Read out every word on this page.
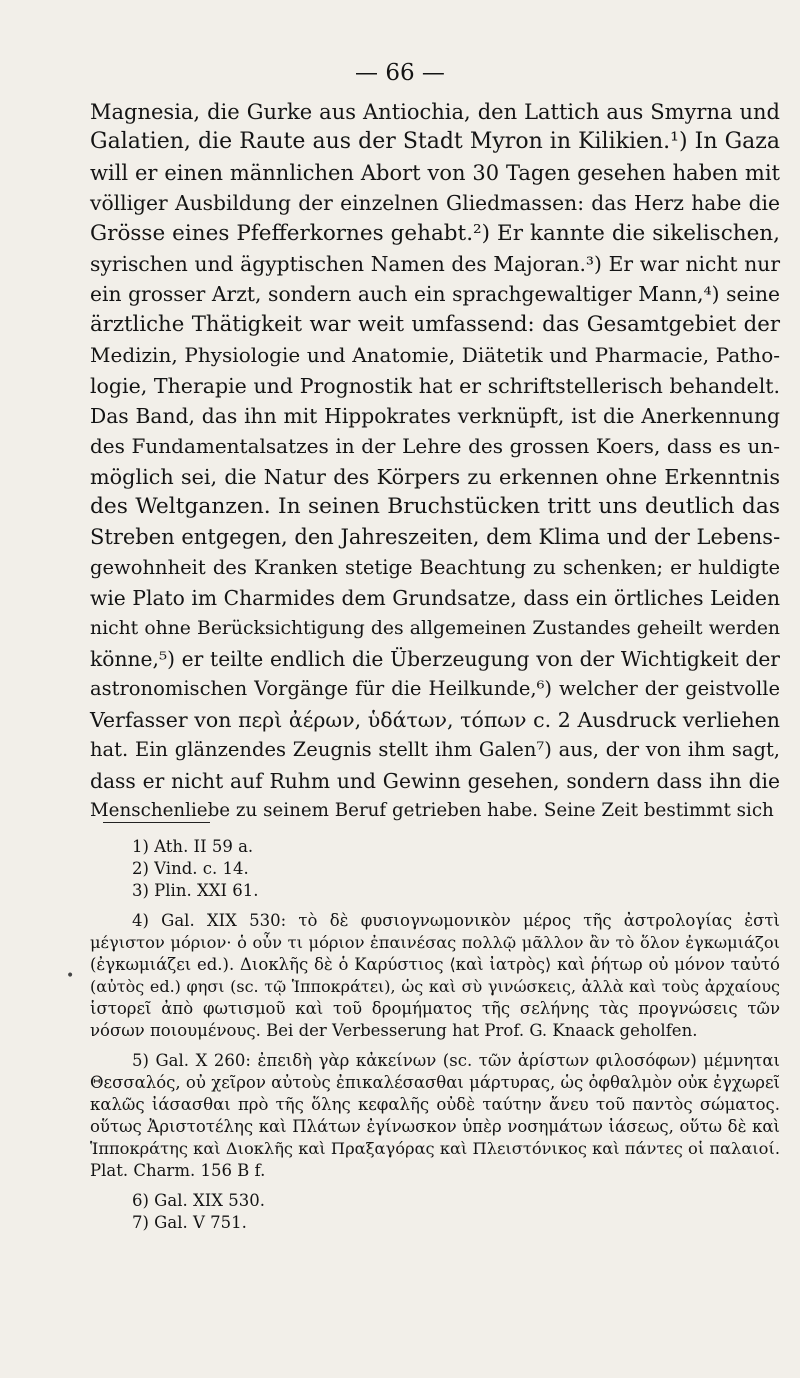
— 66 —
Magnesia, die Gurke aus Antiochia, den Lattich aus Smyrna und
Galatien, die Raute aus der Stadt Myron in Kilikien.¹) In Gaza
will er einen männlichen Abort von 30 Tagen gesehen haben mit
völliger Ausbildung der einzelnen Gliedmassen: das Herz habe die
Grösse eines Pfefferkornes gehabt.²) Er kannte die sikelischen,
syrischen und ägyptischen Namen des Majoran.³) Er war nicht nur
ein grosser Arzt, sondern auch ein sprachgewaltiger Mann,⁴) seine
ärztliche Thätigkeit war weit umfassend: das Gesamtgebiet der
Medizin, Physiologie und Anatomie, Diätetik und Pharmacie, Patho-
logie, Therapie und Prognostik hat er schriftstellerisch behandelt.
Das Band, das ihn mit Hippokrates verknüpft, ist die Anerkennung
des Fundamentalsatzes in der Lehre des grossen Koers, dass es un-
möglich sei, die Natur des Körpers zu erkennen ohne Erkenntnis
des Weltganzen. In seinen Bruchstücken tritt uns deutlich das
Streben entgegen, den Jahreszeiten, dem Klima und der Lebens-
gewohnheit des Kranken stetige Beachtung zu schenken; er huldigte
wie Plato im Charmides dem Grundsatze, dass ein örtliches Leiden
nicht ohne Berücksichtigung des allgemeinen Zustandes geheilt werden
könne,⁵) er teilte endlich die Überzeugung von der Wichtigkeit der
astronomischen Vorgänge für die Heilkunde,⁶) welcher der geistvolle
Verfasser von περὶ ἀέρων, ὑδάτων, τόπων c. 2 Ausdruck verliehen
hat. Ein glänzendes Zeugnis stellt ihm Galen⁷) aus, der von ihm sagt,
dass er nicht auf Ruhm und Gewinn gesehen, sondern dass ihn die
Menschenliebe zu seinem Beruf getrieben habe. Seine Zeit bestimmt sich
•
1) Ath. II 59 a.
2) Vind. c. 14.
3) Plin. XXI 61.
4) Gal. XIX 530: τὸ δὲ φυσιογνωμονικὸν μέρος τῆς ἀστρολογίας ἐστὶ
μέγιστον μόριον· ὁ οὖν τι μόριον ἐπαινέσας πολλῷ μᾶλλον ἂν τὸ ὅλον ἐγκωμιάζοι
(ἐγκωμιάζει ed.). Διοκλῆς δὲ ὁ Καρύστιος ⟨καὶ ἰατρὸς⟩ καὶ ῥήτωρ οὐ μόνον ταὐτό
(αὐτὸς ed.) φησι (sc. τῷ Ἱπποκράτει), ὡς καὶ σὺ γινώσκεις, ἀλλὰ καὶ τοὺς ἀρχαίους
ἱστορεῖ ἀπὸ φωτισμοῦ καὶ τοῦ δρομήματος τῆς σελήνης τὰς προγνώσεις τῶν
νόσων ποιουμένους. Bei der Verbesserung hat Prof. G. Knaack geholfen.
5) Gal. X 260: ἐπειδὴ γὰρ κἀκείνων (sc. τῶν ἀρίστων φιλοσόφων) μέμνηται
Θεσσαλός, οὐ χεῖρον αὐτοὺς ἐπικαλέσασθαι μάρτυρας, ὡς ὀφθαλμὸν οὐκ ἐγχωρεῖ
καλῶς ἰάσασθαι πρὸ τῆς ὅλης κεφαλῆς οὐδὲ ταύτην ἄνευ τοῦ παντὸς σώματος.
οὕτως Ἀριστοτέλης καὶ Πλάτων ἐγίνωσκον ὑπὲρ νοσημάτων ἰάσεως, οὕτω δὲ καὶ
Ἱπποκράτης καὶ Διοκλῆς καὶ Πραξαγόρας καὶ Πλειστόνικος καὶ πάντες οἱ παλαιοί.
Plat. Charm. 156 B f.
6) Gal. XIX 530.
7) Gal. V 751.
